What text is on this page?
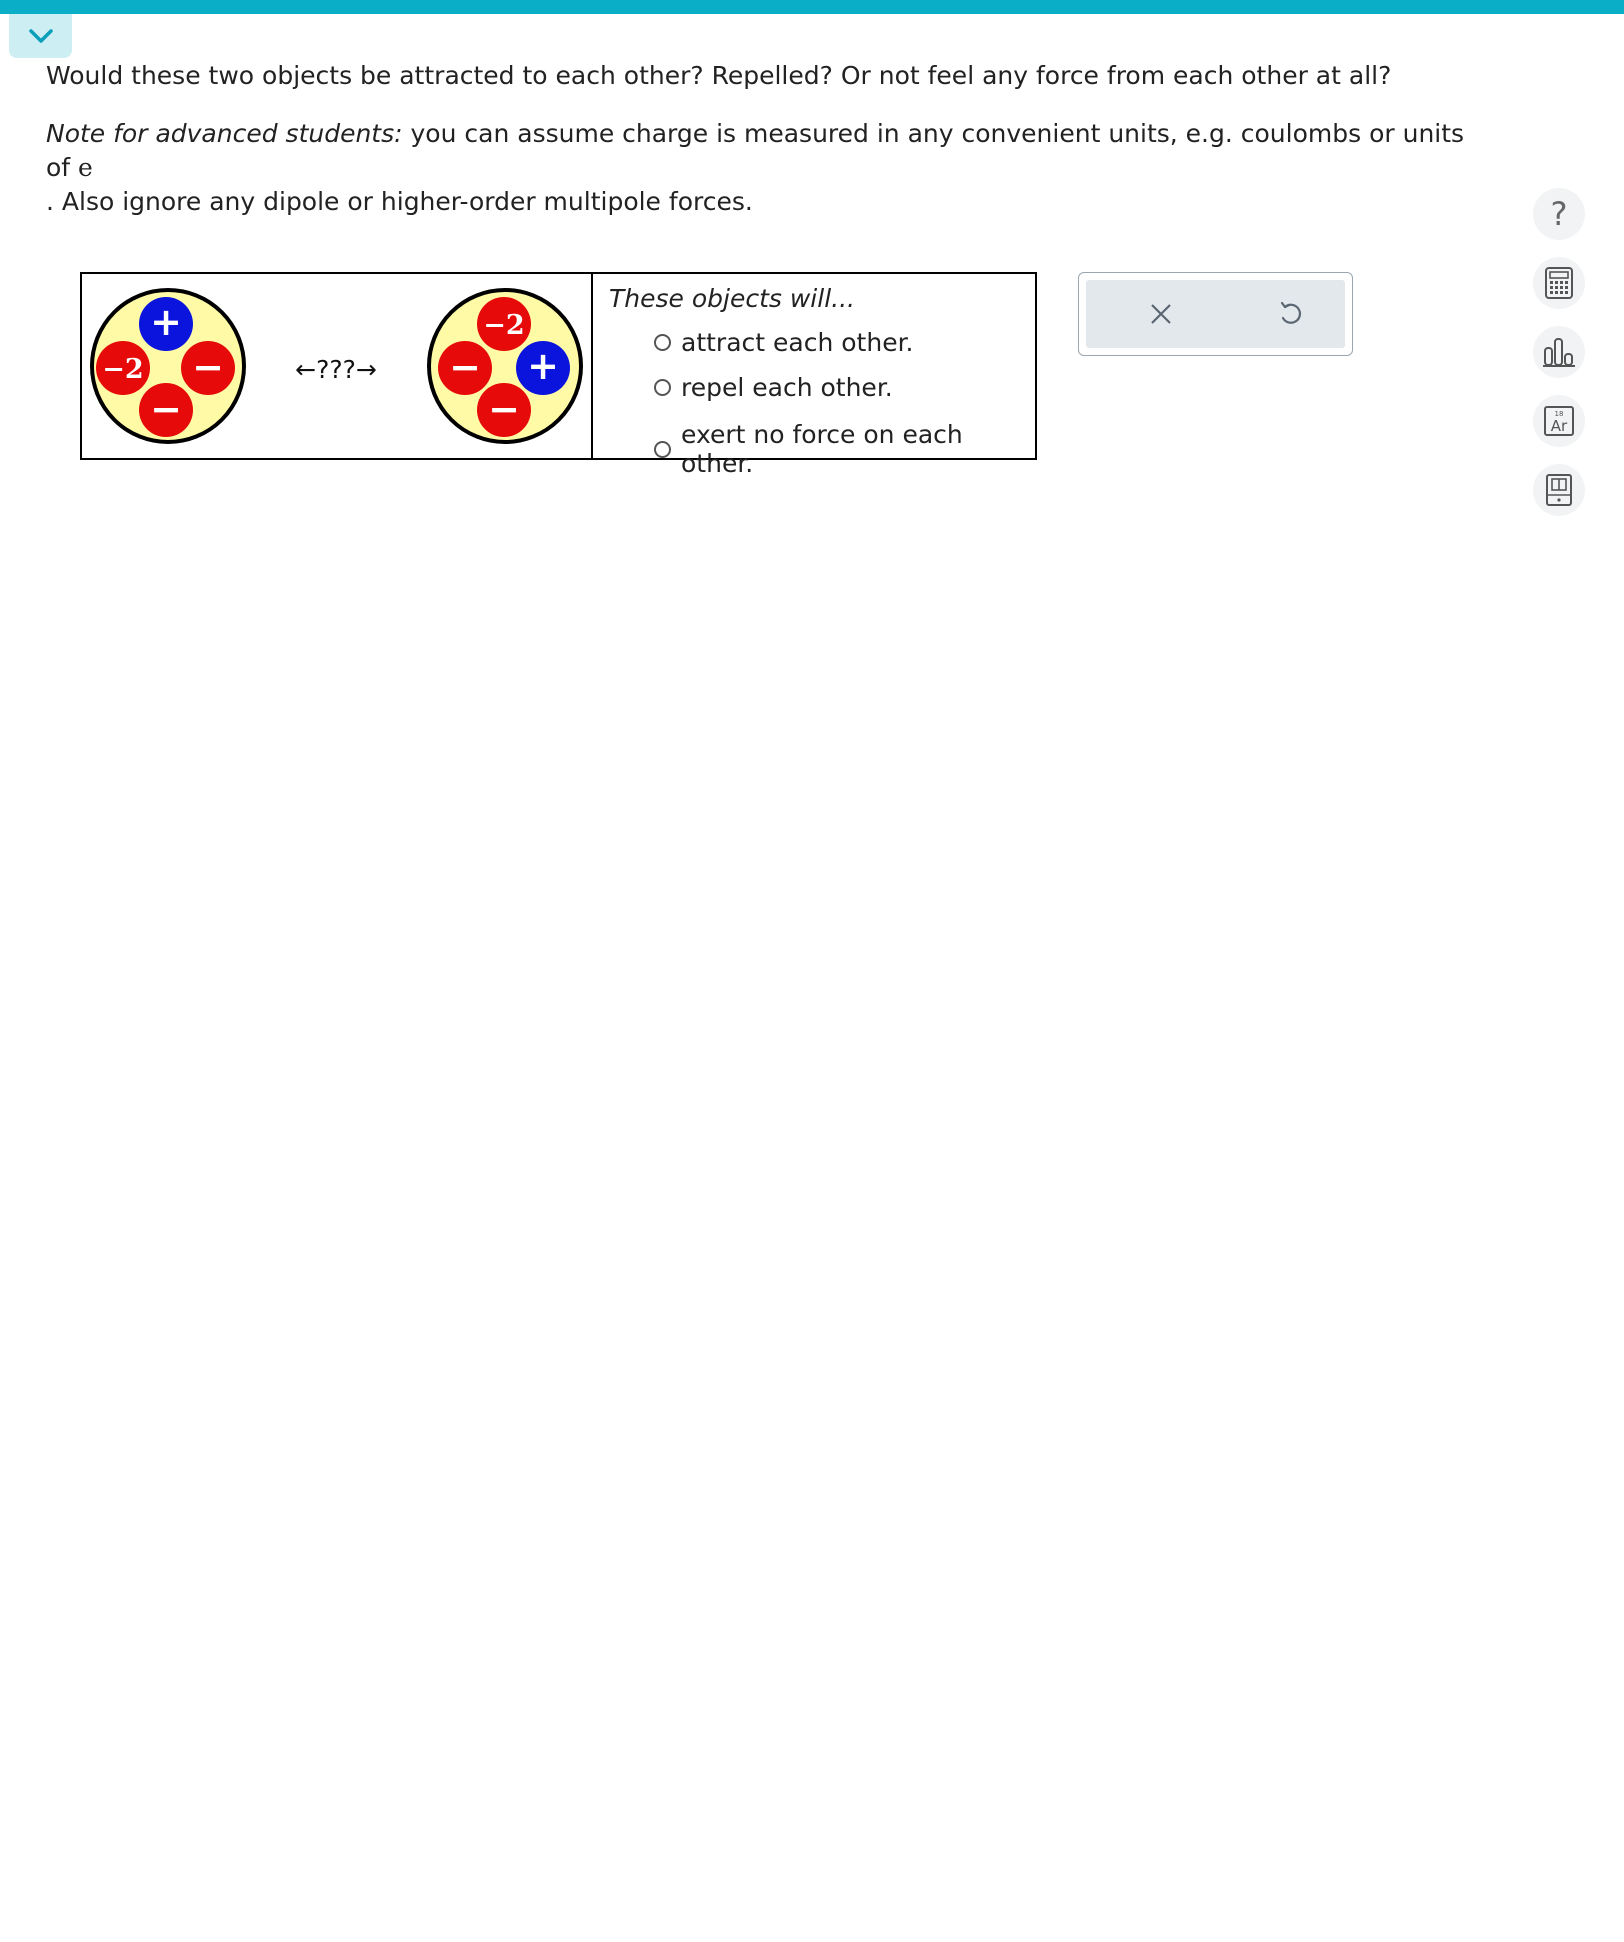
Would these two objects be attracted to each other? Repelled? Or not feel any force from each other at all?

Note for advanced students: you can assume charge is measured in any convenient units, e.g. coulombs or units of e
. Also ignore any dipole or higher-order multipole forces.

+
−2 −
−
←???→
−2
− +
−

These objects will...

attract each other.
repel each other.
exert no force on each other.
?
18
Ar
